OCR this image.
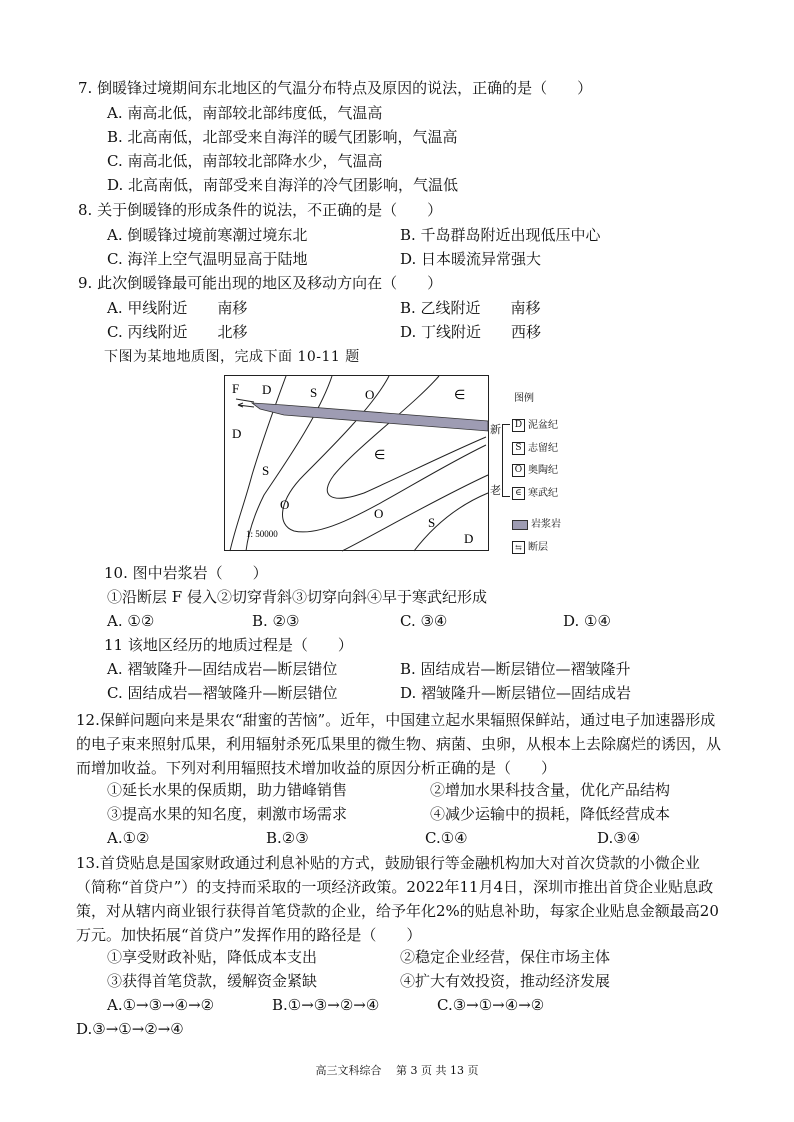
7. 倒暖锋过境期间东北地区的气温分布特点及原因的说法，正确的是（　　）
A. 南高北低，南部较北部纬度低，气温高
B. 北高南低，北部受来自海洋的暖气团影响，气温高
C. 南高北低，南部较北部降水少，气温高
D. 北高南低，南部受来自海洋的冷气团影响，气温低
8. 关于倒暖锋的形成条件的说法，不正确的是（　　）
A. 倒暖锋过境前寒潮过境东北	B. 千岛群岛附近出现低压中心
C. 海洋上空气温明显高于陆地	D. 日本暖流异常强大
9. 此次倒暖锋最可能出现的地区及移动方向在（　　）
A. 甲线附近　　南移	B. 乙线附近　　南移
C. 丙线附近　　北移	D. 丁线附近　　西移
下图为某地地质图，完成下面 10-11 题
F D	S	O	∈
D
∈
S
O
O
S
D
1: 50000
图例
新
老
D 泥盆纪
S 志留纪
O 奥陶纪
∈ 寒武纪
岩浆岩
⇆ 断层
10. 图中岩浆岩（　　）
①沿断层 F 侵入②切穿背斜③切穿向斜④早于寒武纪形成
A. ①②	B. ②③	C. ③④	D. ①④
11 该地区经历的地质过程是（　　）
A. 褶皱隆升—固结成岩—断层错位	B. 固结成岩—断层错位—褶皱隆升
C. 固结成岩—褶皱隆升—断层错位	D. 褶皱隆升—断层错位—固结成岩
12.保鲜问题向来是果农“甜蜜的苦恼”。近年，中国建立起水果辐照保鲜站，通过电子加速器形成的电子束来照射瓜果，利用辐射杀死瓜果里的微生物、病菌、虫卵，从根本上去除腐烂的诱因，从而增加收益。下列对利用辐照技术增加收益的原因分析正确的是（　　）
①延长水果的保质期，助力错峰销售	②增加水果科技含量，优化产品结构
③提高水果的知名度，刺激市场需求	④减少运输中的损耗，降低经营成本
A.①②	B.②③	C.①④	D.③④
13.首贷贴息是国家财政通过利息补贴的方式，鼓励银行等金融机构加大对首次贷款的小微企业（简称“首贷户”）的支持而采取的一项经济政策。2022年11月4日，深圳市推出首贷企业贴息政策，对从辖内商业银行获得首笔贷款的企业，给予年化2%的贴息补助，每家企业贴息金额最高20万元。加快拓展“首贷户”发挥作用的路径是（　　）
①享受财政补贴，降低成本支出	②稳定企业经营，保住市场主体
③获得首笔贷款，缓解资金紧缺	④扩大有效投资，推动经济发展
A.①→③→④→②	B.①→③→②→④	C.③→①→④→②
D.③→①→②→④
高三文科综合　 第 3 页 共 13 页
